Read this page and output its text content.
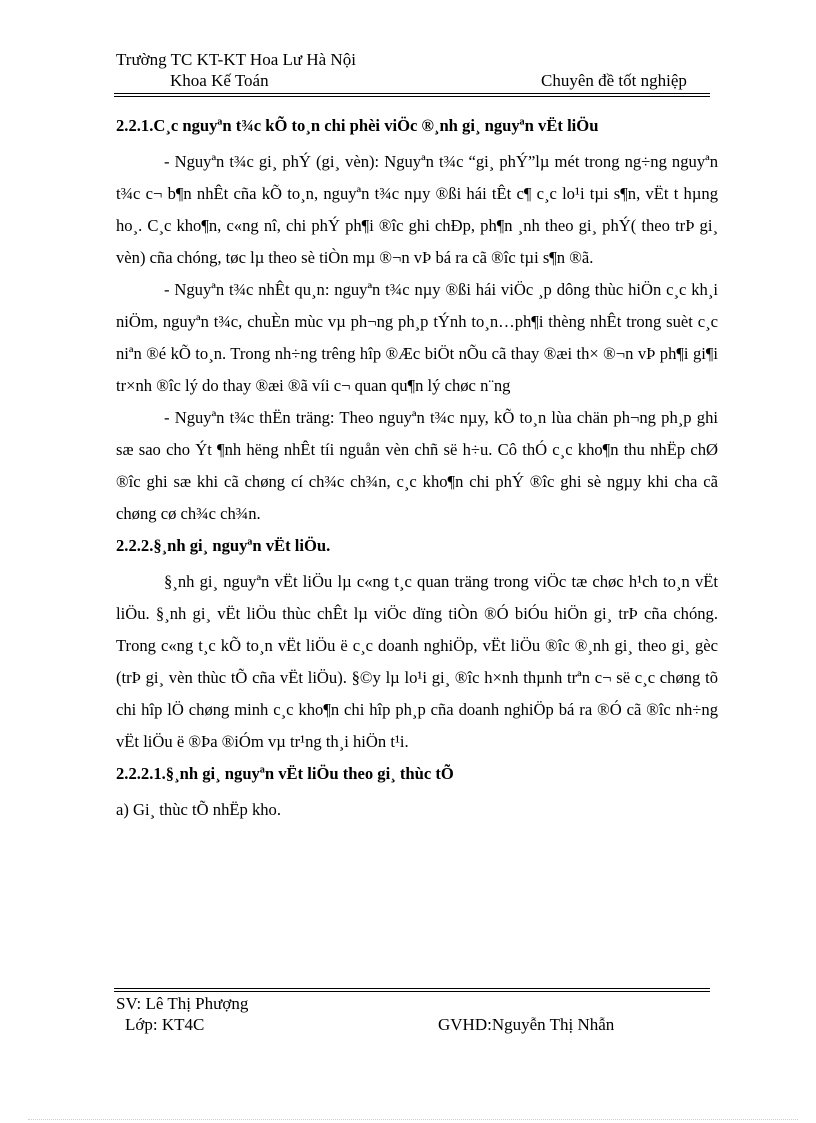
Trường TC KT-KT Hoa Lư Hà Nội
Khoa Kế Toán	Chuyên đề tốt nghiệp
2.2.1.C¸c nguyªn t¾c kÕ to¸n chi phèi viÖc ®¸nh gi¸ nguyªn vËt liÖu

- Nguyªn t¾c gi¸ phÝ (gi¸ vèn): Nguyªn t¾c “gi¸ phÝ”lµ mét trong ng÷ng nguyªn t¾c c¬ b¶n nhÊt cña kÕ to¸n, nguyªn t¾c nµy ®ßi hái tÊt c¶ c¸c lo¹i tµi s¶n, vËt t hµng ho¸. C¸c kho¶n, c«ng nî, chi phÝ ph¶i ®îc ghi chÐp, ph¶n ¸nh theo gi¸ phÝ( theo trÞ gi¸ vèn) cña chóng, tøc lµ theo sè tiÒn mµ ®¬n vÞ bá ra cã ®îc tµi s¶n ®ã.

- Nguyªn t¾c nhÊt qu¸n: nguyªn t¾c nµy ®ßi hái viÖc ¸p dông thùc hiÖn c¸c kh¸i niÖm, nguyªn t¾c, chuÈn mùc vµ ph¬ng ph¸p tÝnh to¸n…ph¶i thèng nhÊt trong suèt c¸c niªn ®é kÕ to¸n. Trong nh÷ng trêng hîp ®Æc biÖt nÕu cã thay ®æi th× ®¬n vÞ ph¶i gi¶i tr×nh ®îc lý do thay ®æi ®ã víi c¬ quan qu¶n lý chøc n¨ng

- Nguyªn t¾c thËn träng: Theo nguyªn t¾c nµy, kÕ to¸n lùa chän ph¬ng ph¸p ghi sæ sao cho Ýt ¶nh hëng nhÊt tíi nguån vèn chñ së h÷u. Cô thÓ c¸c kho¶n thu nhËp chØ ®îc ghi sæ khi cã chøng cí ch¾c ch¾n, c¸c kho¶n chi phÝ ®îc ghi sè ngµy khi cha cã chøng cø ch¾c ch¾n.

2.2.2.§¸nh gi¸ nguyªn vËt liÖu.

§¸nh gi¸ nguyªn vËt liÖu lµ c«ng t¸c quan träng trong viÖc tæ chøc h¹ch to¸n vËt liÖu. §¸nh gi¸ vËt liÖu thùc chÊt lµ viÖc dïng tiÒn ®Ó biÓu hiÖn gi¸ trÞ cña chóng. Trong c«ng t¸c kÕ to¸n vËt liÖu ë c¸c doanh nghiÖp, vËt liÖu ®îc ®¸nh gi¸ theo gi¸ gèc (trÞ gi¸ vèn thùc tÕ cña vËt liÖu). §©y lµ lo¹i gi¸ ®îc h×nh thµnh trªn c¬ së c¸c chøng tõ chi hîp lÖ chøng minh c¸c kho¶n chi hîp ph¸p cña doanh nghiÖp bá ra ®Ó cã ®îc nh÷ng vËt liÖu ë ®Þa ®iÓm vµ tr¹ng th¸i hiÖn t¹i.

2.2.2.1.§¸nh gi¸ nguyªn vËt liÖu theo gi¸ thùc tÕ
a) Gi¸ thùc tÕ nhËp kho.
SV: Lê Thị Phượng
Lớp: KT4C	GVHD:Nguyễn Thị Nhẫn
